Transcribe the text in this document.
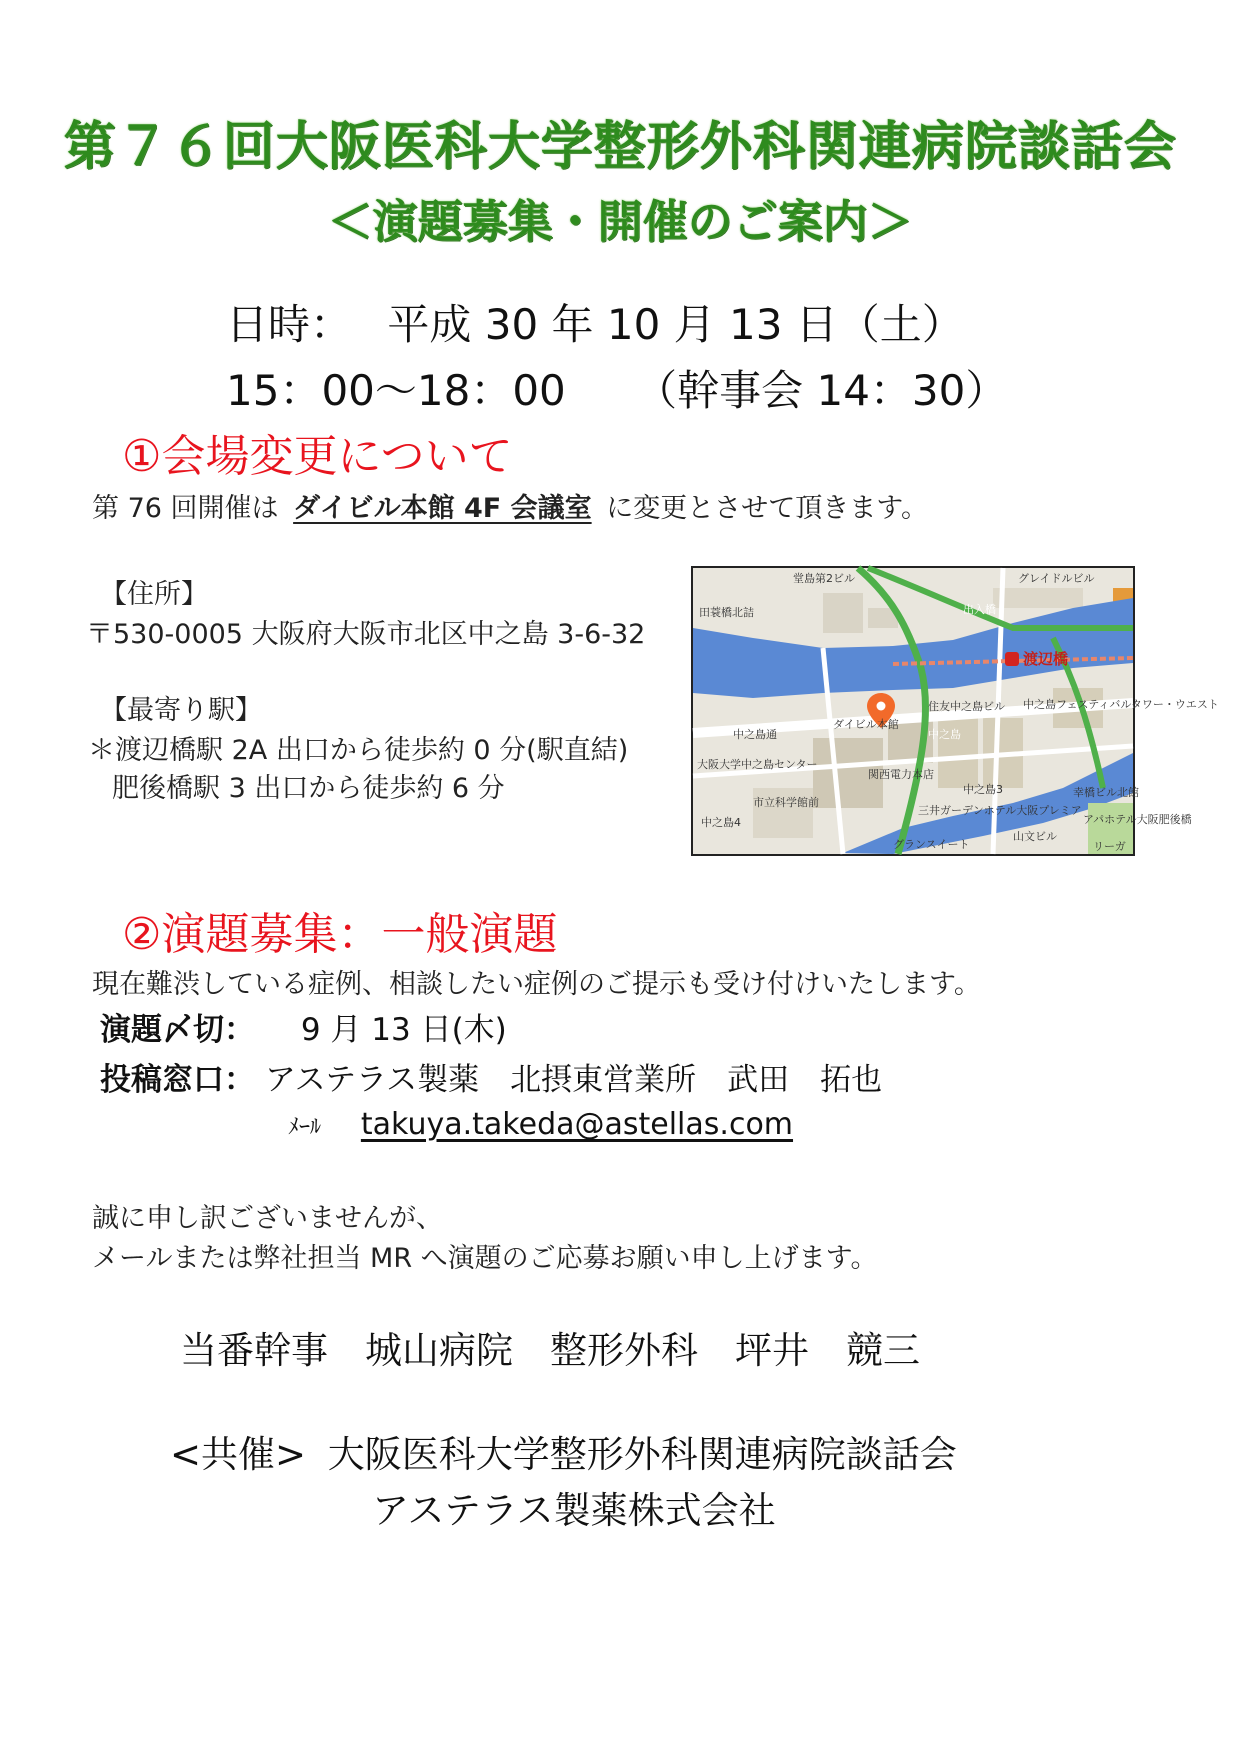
第７６回大阪医科大学整形外科関連病院談話会
＜演題募集・開催のご案内＞
日時： 平成 30 年 10 月 13 日（土）
15：00～18：00 （幹事会 14：30）
①会場変更について
第 76 回開催は ダイビル本館 4F 会議室 に変更とさせて頂きます。
【住所】
〒530-0005 大阪府大阪市北区中之島 3-6-32
【最寄り駅】
＊渡辺橋駅 2A 出口から徒歩約 0 分(駅直結)
肥後橋駅 3 出口から徒歩約 6 分
渡辺橋
ダイビル本館
中之島通
出入橋
田蓑橋北詰
堂島第2ビル	グレイドルビル
住友中之島ビル 中之島フェスティバルタワー・ウエスト
関西電力本店
中之島
中之島3
三井ガーデンホテル大阪プレミア
中之島4
市立科学館前
大阪大学中之島センター
幸橋ビル北館
アパホテル大阪肥後橋
山文ビル
グランスイート	リーガ
②演題募集：一般演題
現在難渋している症例、相談したい症例のご提示も受け付けいたします。
演題〆切： 9 月 13 日(木)
投稿窓口： アステラス製薬　北摂東営業所　武田　拓也
ﾒｰﾙ takuya.takeda@astellas.com
誠に申し訳ございませんが、
メールまたは弊社担当 MR へ演題のご応募お願い申し上げます。
当番幹事　城山病院　整形外科　坪井　競三
<共催> 大阪医科大学整形外科関連病院談話会
アステラス製薬株式会社
